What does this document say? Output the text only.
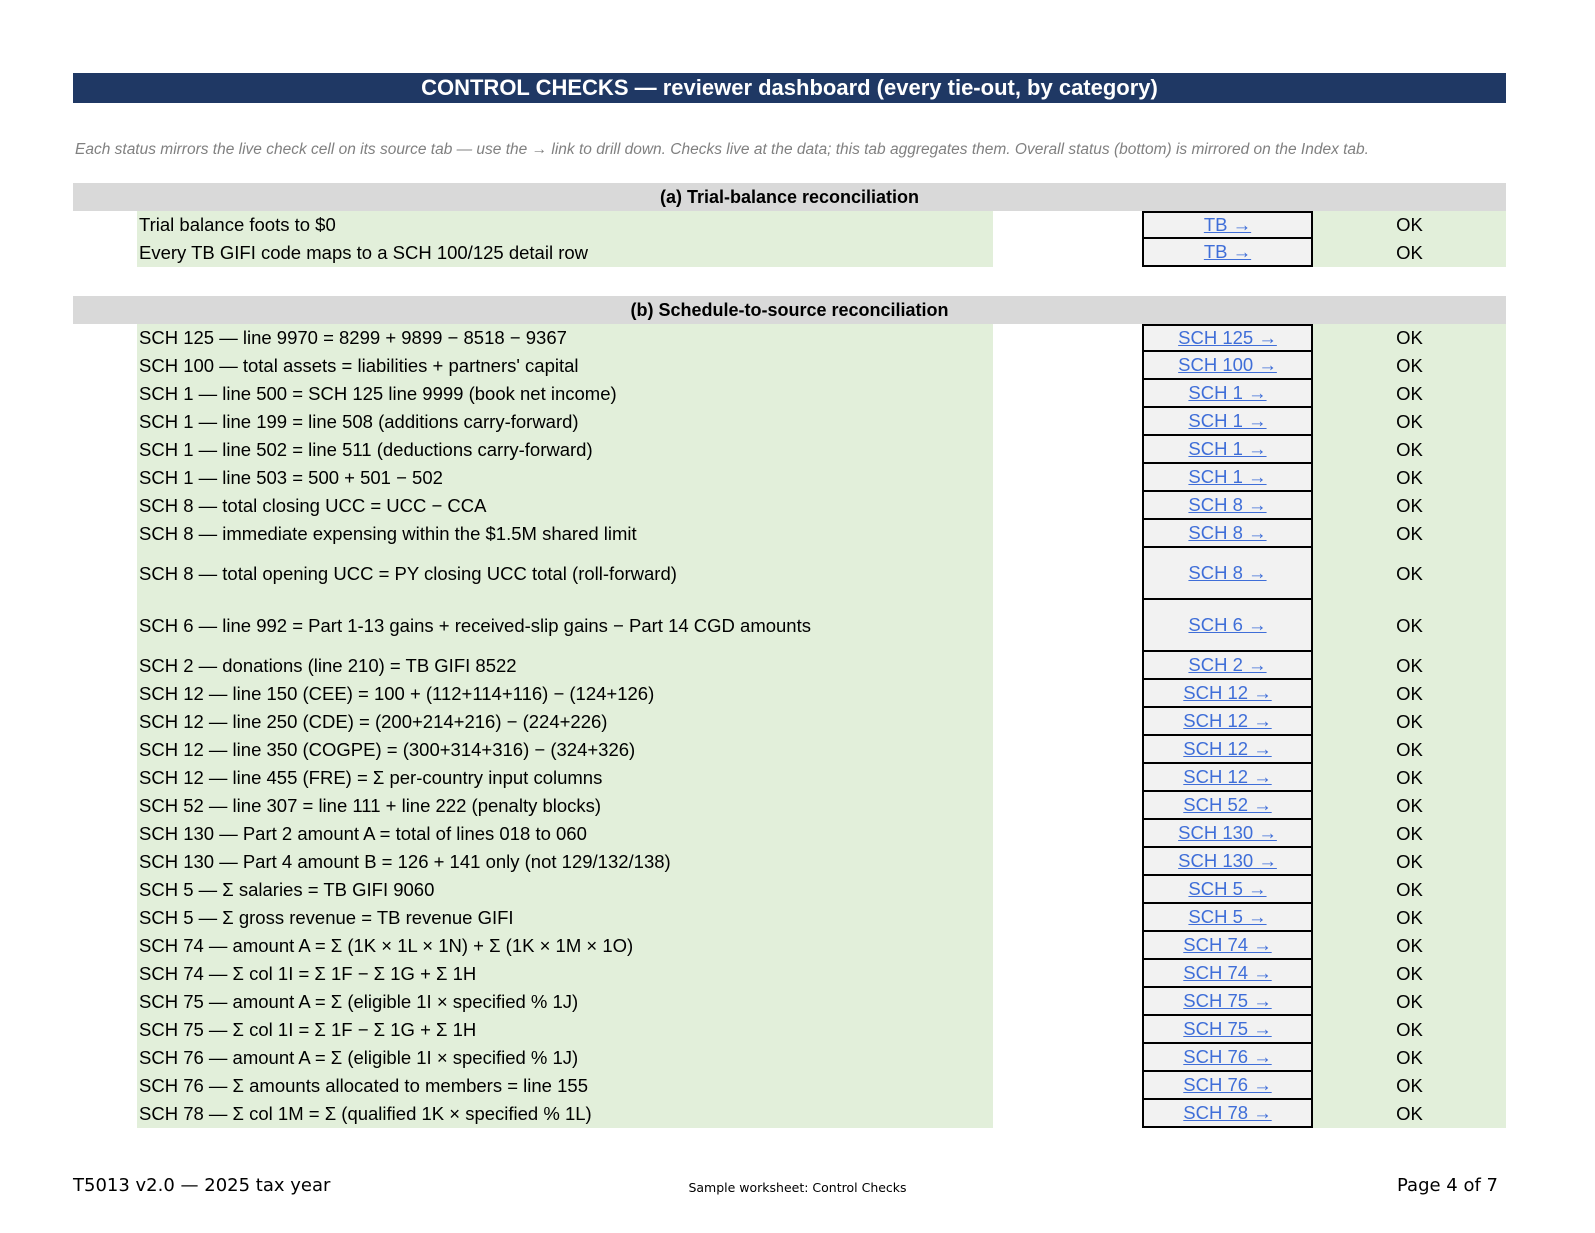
CONTROL CHECKS — reviewer dashboard (every tie-out, by category)
Each status mirrors the live check cell on its source tab — use the → link to drill down. Checks live at the data; this tab aggregates them. Overall status (bottom) is mirrored on the Index tab.
(a) Trial-balance reconciliation
Trial balance foots to $0	TB →	OK
Every TB GIFI code maps to a SCH 100/125 detail row	TB →	OK
(b) Schedule-to-source reconciliation
SCH 125 — line 9970 = 8299 + 9899 − 8518 − 9367	SCH 125 →	OK
SCH 100 — total assets = liabilities + partners' capital	SCH 100 →	OK
SCH 1 — line 500 = SCH 125 line 9999 (book net income)	SCH 1 →	OK
SCH 1 — line 199 = line 508 (additions carry-forward)	SCH 1 →	OK
SCH 1 — line 502 = line 511 (deductions carry-forward)	SCH 1 →	OK
SCH 1 — line 503 = 500 + 501 − 502	SCH 1 →	OK
SCH 8 — total closing UCC = UCC − CCA	SCH 8 →	OK
SCH 8 — immediate expensing within the $1.5M shared limit	SCH 8 →	OK
SCH 8 — total opening UCC = PY closing UCC total (roll-forward)	SCH 8 →	OK
SCH 6 — line 992 = Part 1-13 gains + received-slip gains − Part 14 CGD amounts	SCH 6 →	OK
SCH 2 — donations (line 210) = TB GIFI 8522	SCH 2 →	OK
SCH 12 — line 150 (CEE) = 100 + (112+114+116) − (124+126)	SCH 12 →	OK
SCH 12 — line 250 (CDE) = (200+214+216) − (224+226)	SCH 12 →	OK
SCH 12 — line 350 (COGPE) = (300+314+316) − (324+326)	SCH 12 →	OK
SCH 12 — line 455 (FRE) = Σ per-country input columns	SCH 12 →	OK
SCH 52 — line 307 = line 111 + line 222 (penalty blocks)	SCH 52 →	OK
SCH 130 — Part 2 amount A = total of lines 018 to 060	SCH 130 →	OK
SCH 130 — Part 4 amount B = 126 + 141 only (not 129/132/138)	SCH 130 →	OK
SCH 5 — Σ salaries = TB GIFI 9060	SCH 5 →	OK
SCH 5 — Σ gross revenue = TB revenue GIFI	SCH 5 →	OK
SCH 74 — amount A = Σ (1K × 1L × 1N) + Σ (1K × 1M × 1O)	SCH 74 →	OK
SCH 74 — Σ col 1I = Σ 1F − Σ 1G + Σ 1H	SCH 74 →	OK
SCH 75 — amount A = Σ (eligible 1I × specified % 1J)	SCH 75 →	OK
SCH 75 — Σ col 1I = Σ 1F − Σ 1G + Σ 1H	SCH 75 →	OK
SCH 76 — amount A = Σ (eligible 1I × specified % 1J)	SCH 76 →	OK
SCH 76 — Σ amounts allocated to members = line 155	SCH 76 →	OK
SCH 78 — Σ col 1M = Σ (qualified 1K × specified % 1L)	SCH 78 →	OK
T5013 v2.0 — 2025 tax year	Sample worksheet: Control Checks	Page 4 of 7
